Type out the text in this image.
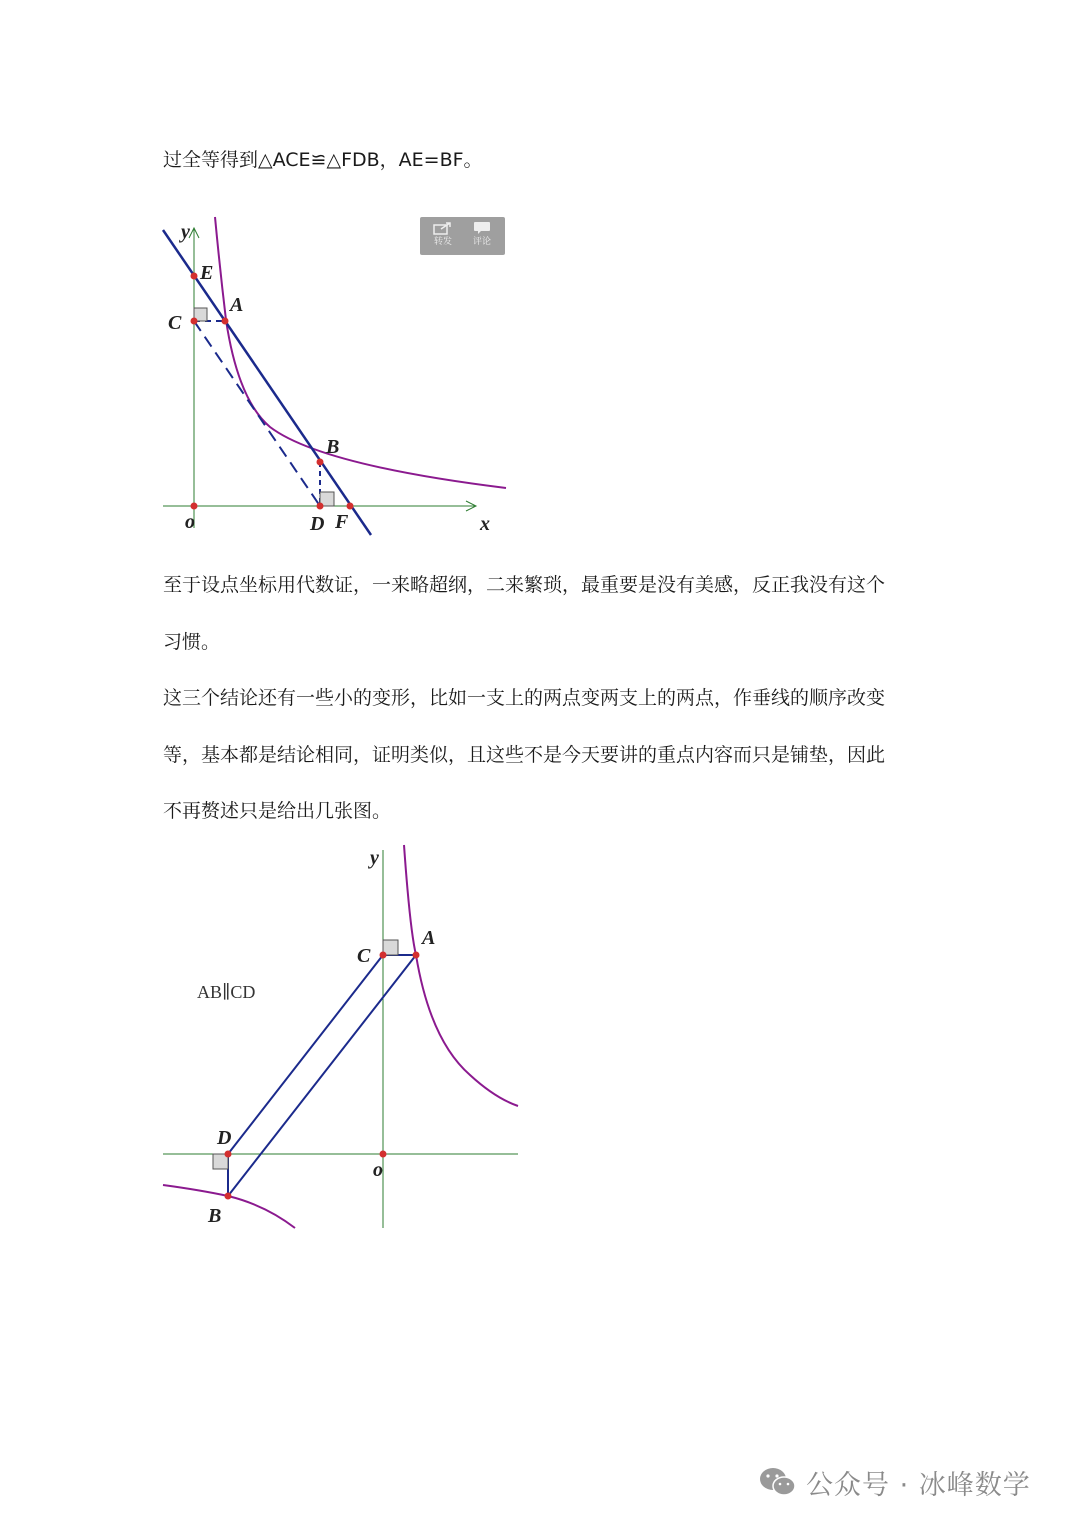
过全等得到△ACE≌△FDB，AE=BF。
y
E
A
C
B
o	D F	x
转发	评论
至于设点坐标用代数证，一来略超纲，二来繁琐，最重要是没有美感，反正我没有这个
习惯。
这三个结论还有一些小的变形，比如一支上的两点变两支上的两点，作垂线的顺序改变
等，基本都是结论相同，证明类似，且这些不是今天要讲的重点内容而只是铺垫，因此
不再赘述只是给出几张图。
y
A
C
AB∥CD
D
o
B
公众号 · 冰峰数学
